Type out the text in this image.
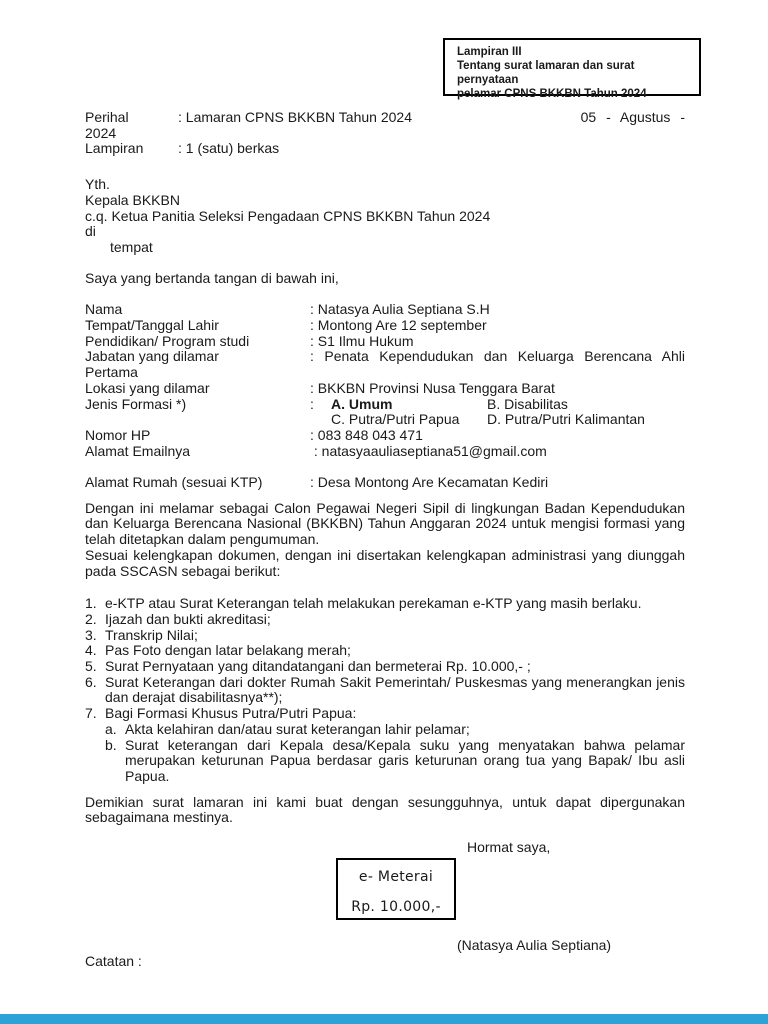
Lampiran III
Tentang surat lamaran dan surat pernyataan
pelamar CPNS BKKBN Tahun 2024
Perihal	: Lamaran CPNS BKKBN Tahun 2024	05 - Agustus -
2024
Lampiran	: 1 (satu) berkas
Yth.
Kepala BKKBN
c.q. Ketua Panitia Seleksi Pengadaan CPNS BKKBN Tahun 2024
di
tempat
Saya yang bertanda tangan di bawah ini,
Nama	: Natasya Aulia Septiana S.H
Tempat/Tanggal Lahir	: Montong Are 12 september
Pendidikan/ Program studi	: S1 Ilmu Hukum
Jabatan yang dilamar	: Penata Kependudukan dan Keluarga Berencana Ahli
Pertama
Lokasi yang dilamar	: BKKBN Provinsi Nusa Tenggara Barat
Jenis Formasi *)	:	A. Umum	B. Disabilitas
C. Putra/Putri Papua	D. Putra/Putri Kalimantan
Nomor HP	: 083 848 043 471
Alamat Emailnya	: natasyaauliaseptiana51@gmail.com
Alamat Rumah (sesuai KTP)	: Desa Montong Are Kecamatan Kediri

Dengan ini melamar sebagai Calon Pegawai Negeri Sipil di lingkungan Badan Kependudukan dan Keluarga Berencana Nasional (BKKBN) Tahun Anggaran 2024 untuk mengisi formasi yang telah ditetapkan dalam pengumuman.

Sesuai kelengkapan dokumen, dengan ini disertakan kelengkapan administrasi yang diunggah pada SSCASN sebagai berikut:

1. e-KTP atau Surat Keterangan telah melakukan perekaman e-KTP yang masih berlaku.
2. Ijazah dan bukti akreditasi;
3. Transkrip Nilai;
4. Pas Foto dengan latar belakang merah;
5. Surat Pernyataan yang ditandatangani dan bermeterai Rp. 10.000,- ;
6. Surat Keterangan dari dokter Rumah Sakit Pemerintah/ Puskesmas yang menerangkan jenis dan derajat disabilitasnya**);
7. Bagi Formasi Khusus Putra/Putri Papua:
a. Akta kelahiran dan/atau surat keterangan lahir pelamar;
b. Surat keterangan dari Kepala desa/Kepala suku yang menyatakan bahwa pelamar merupakan keturunan Papua berdasar garis keturunan orang tua yang Bapak/ Ibu asli Papua.

Demikian surat lamaran ini kami buat dengan sesungguhnya, untuk dapat dipergunakan sebagaimana mestinya.

Hormat saya,
e- Meterai
Rp. 10.000,-
(Natasya Aulia Septiana)
Catatan :
